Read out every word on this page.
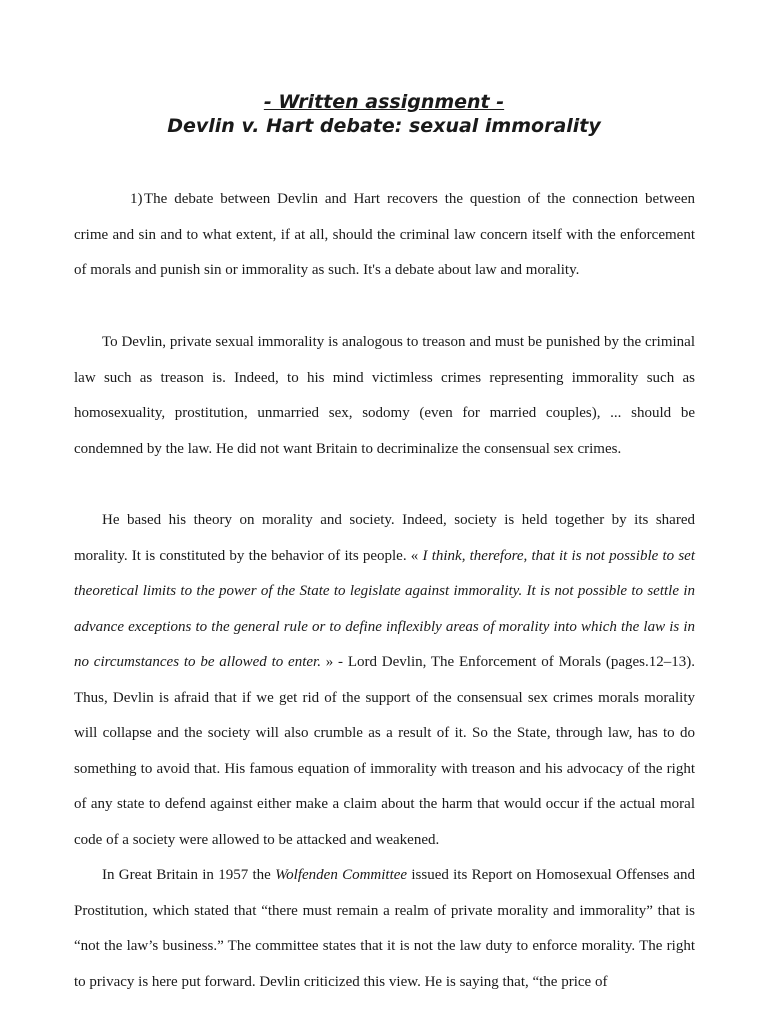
- Written assignment -

Devlin v. Hart debate: sexual immorality

1) The debate between Devlin and Hart recovers the question of the connection between crime and sin and to what extent, if at all, should the criminal law concern itself with the enforcement of morals and punish sin or immorality as such. It's a debate about law and morality.

To Devlin, private sexual immorality is analogous to treason and must be punished by the criminal law such as treason is. Indeed, to his mind victimless crimes representing immorality such as homosexuality, prostitution, unmarried sex, sodomy (even for married couples), ... should be condemned by the law. He did not want Britain to decriminalize the consensual sex crimes.

He based his theory on morality and society. Indeed, society is held together by its shared morality. It is constituted by the behavior of its people. « I think, therefore, that it is not possible to set theoretical limits to the power of the State to legislate against immorality. It is not possible to settle in advance exceptions to the general rule or to define inflexibly areas of morality into which the law is in no circumstances to be allowed to enter. » - Lord Devlin, The Enforcement of Morals (pages.12–13). Thus, Devlin is afraid that if we get rid of the support of the consensual sex crimes morals morality will collapse and the society will also crumble as a result of it. So the State, through law, has to do something to avoid that. His famous equation of immorality with treason and his advocacy of the right of any state to defend against either make a claim about the harm that would occur if the actual moral code of a society were allowed to be attacked and weakened.

In Great Britain in 1957 the Wolfenden Committee issued its Report on Homosexual Offenses and Prostitution, which stated that “there must remain a realm of private morality and immorality” that is “not the law’s business.” The committee states that it is not the law duty to enforce morality. The right to privacy is here put forward. Devlin criticized this view. He is saying that, “the price of
